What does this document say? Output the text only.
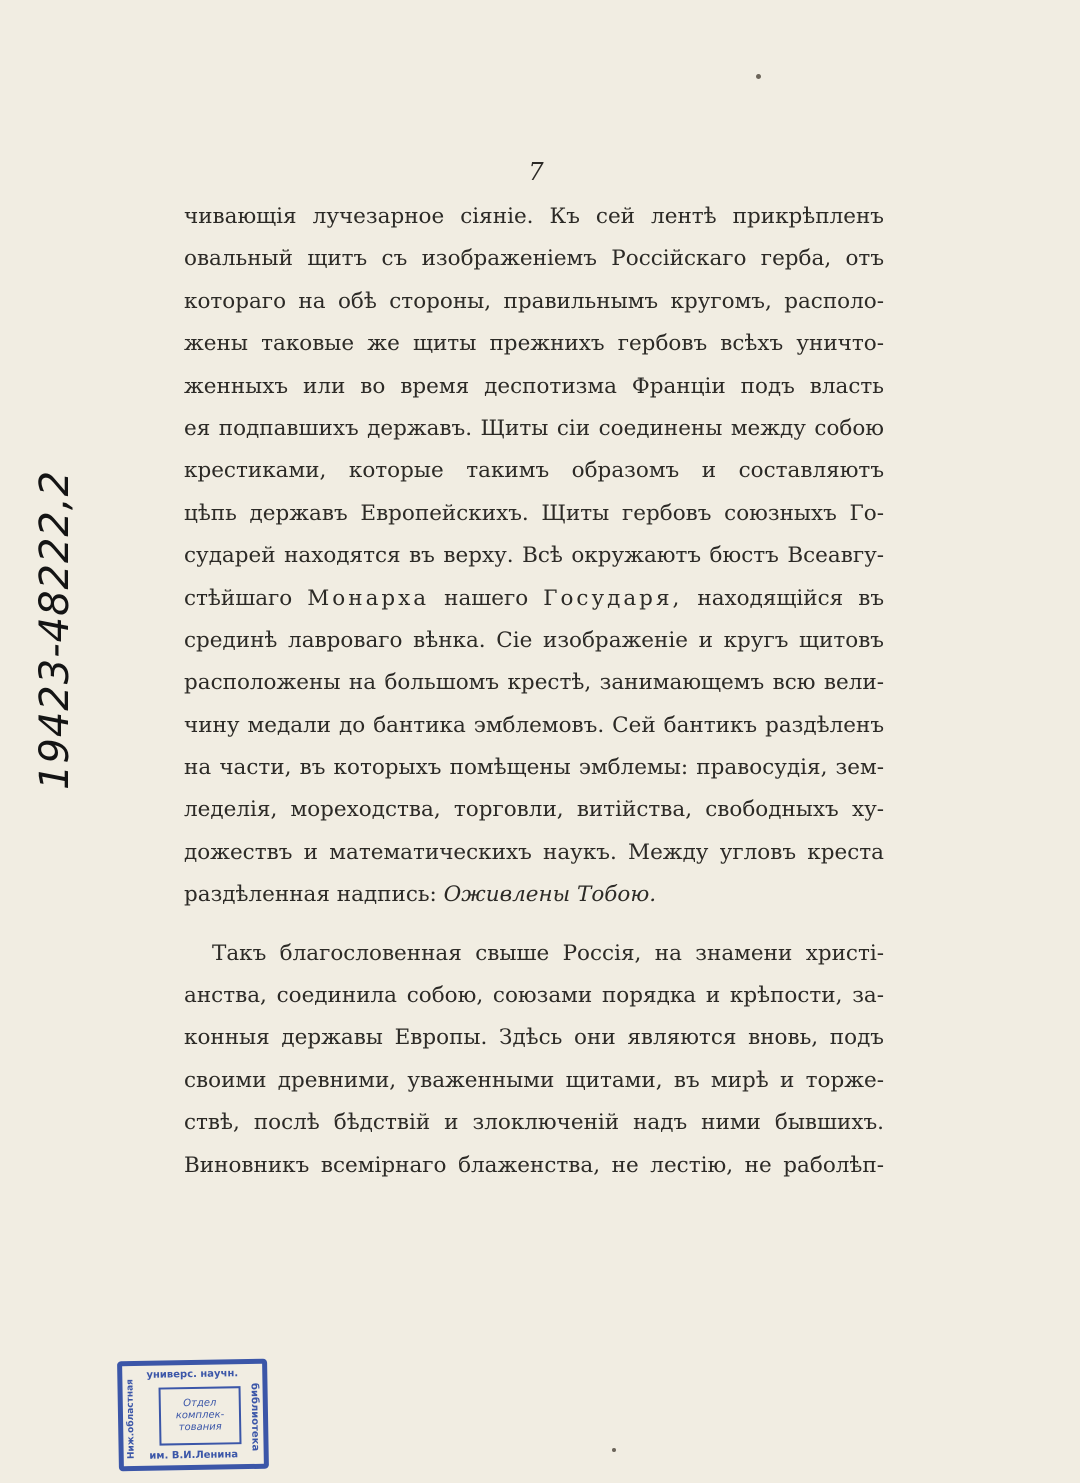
7
чивающія лучезарное сіяніе. Къ сей лентѣ прикрѣпленъ
овальный щитъ съ изображеніемъ Россійскаго герба, отъ
котораго на обѣ стороны, правильнымъ кругомъ, располо-
жены таковые же щиты прежнихъ гербовъ всѣхъ уничто-
женныхъ или во время деспотизма Франціи подъ власть
ея подпавшихъ державъ. Щиты сіи соединены между собою
крестиками, которые такимъ образомъ и составляютъ
цѣпь державъ Европейскихъ. Щиты гербовъ союзныхъ Го-
сударей находятся въ верху. Всѣ окружаютъ бюстъ Всеавгу-
стѣйшаго Монарха нашего Государя, находящійся въ
срединѣ лавроваго вѣнка. Сіе изображеніе и кругъ щитовъ
расположены на большомъ крестѣ, занимающемъ всю вели-
чину медали до бантика эмблемовъ. Сей бантикъ раздѣленъ
на части, въ которыхъ помѣщены эмблемы: правосудія, зем-
леделія, мореходства, торговли, витійства, свободныхъ ху-
дожествъ и математическихъ наукъ. Между угловъ креста
раздѣленная надпись: Оживлены Тобою.
Такъ благословенная свыше Россія, на знамени христі-
анства, соединила собою, союзами порядка и крѣпости, за-
конныя державы Европы. Здѣсь они являются вновь, подъ
своими древними, уваженными щитами, въ мирѣ и торже-
ствѣ, послѣ бѣдствій и злоключеній надъ ними бывшихъ.
Виновникъ всемірнаго блаженства, не лестію, не раболѣп-
19423-48222,2
универс. научн.
Ниж.областная	библиотека
Отдел
комплек-
тования
им. В.И.Ленина
